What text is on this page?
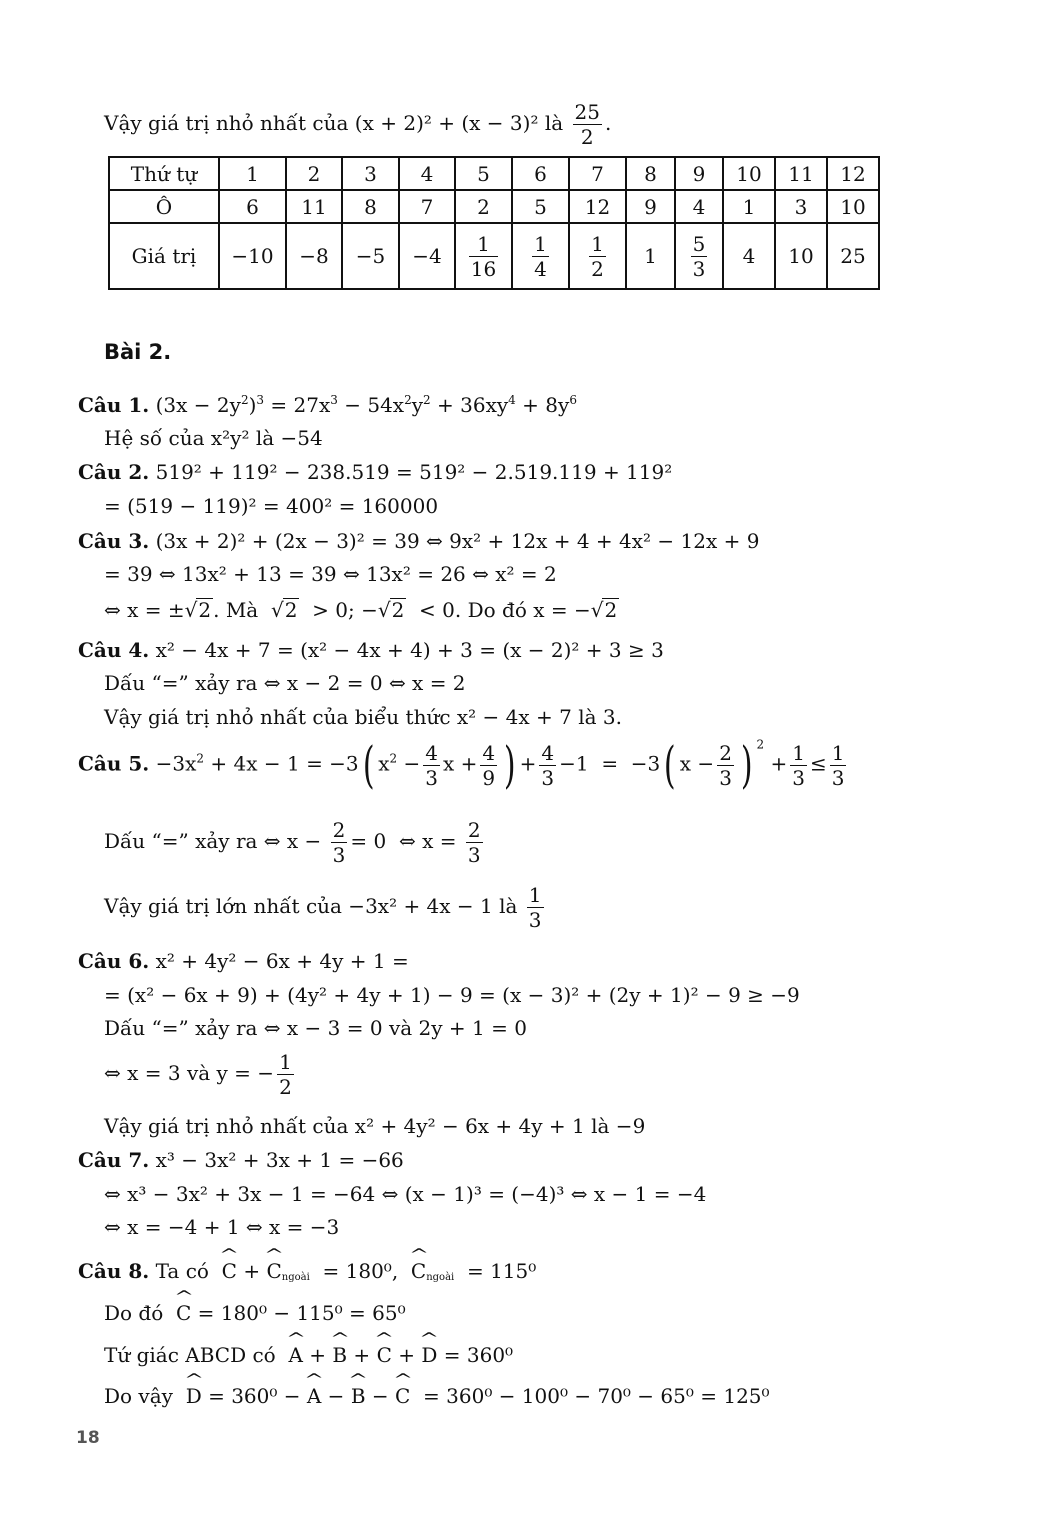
Vậy giá trị nhỏ nhất của (x + 2)² + (x − 3)² là $\frac{25}{2}$ .
Thứ tự	1	2	3	4	5	6	7	8	9	10	11	12
Ô	6	11	8	7	2	5	12	9	4	1	3	10
Giá trị	−10	−8	−5	−4	$\frac{1}{16}$	$\frac{1}{4}$	$\frac{1}{2}$	1	$\frac{5}{3}$	4	10	25
Bài 2.
Câu 1. $(3x - 2y^2)^3 = 27x^3 - 54x^2y^2 + 36xy^4 + 8y^6$
Hệ số của x²y² là −54
Câu 2. 519² + 119² − 238.519 = 519² − 2.519.119 + 119²
= (519 − 119)² = 400² = 160000
Câu 3. (3x + 2)² + (2x − 3)² = 39 ⇔ 9x² + 12x + 4 + 4x² − 12x + 9
= 39 ⇔ 13x² + 13 = 39 ⇔ 13x² = 26 ⇔ x² = 2
⇔ x = ±√2 . Mà  √2  > 0; −√2  < 0. Do đó x = −√2
Câu 4. x² − 4x + 7 = (x² − 4x + 4) + 3 = (x − 2)² + 3 ≥ 3
Dấu “=” xảy ra ⇔ x − 2 = 0 ⇔ x = 2
Vậy giá trị nhỏ nhất của biểu thức x² − 4x + 7 là 3.
Câu 5. $-3x^2 + 4x - 1 = -3$( $x^2 - \frac{4}{3}$ $x + \frac{4}{9}$ ) + $\frac{4}{3} -1 = -3$( $x - \frac{2}{3}$ ) $^2 + \frac{1}{3} \le \frac{1}{3}$
Dấu “=” xảy ra ⇔ $x - \frac{2}{3} = 0$  ⇔ $x = \frac{2}{3}$
Vậy giá trị lớn nhất của −3x² + 4x − 1 là $\frac{1}{3}$
Câu 6. x² + 4y² − 6x + 4y + 1 =
= (x² − 6x + 9) + (4y² + 4y + 1) − 9 = (x − 3)² + (2y + 1)² − 9 ≥ −9
Dấu “=” xảy ra ⇔ x − 3 = 0 và 2y + 1 = 0
⇔ x = 3 và y = − $\frac{1}{2}$
Vậy giá trị nhỏ nhất của x² + 4y² − 6x + 4y + 1 là −9
Câu 7. x³ − 3x² + 3x + 1 = −66
⇔ x³ − 3x² + 3x − 1 = −64 ⇔ (x − 1)³ = (−4)³ ⇔ x − 1 = −4
⇔ x = −4 + 1 ⇔ x = −3
Câu 8. Ta có ^ C + ^ $C_{ngoài} = 180^0$, ^ $C_{ngoài} = 115^0$
Do đó ^ C = 180⁰ − 115⁰ = 65⁰
Tứ giác ABCD có ^ A + ^ B + ^ C + ^ D = 360⁰
Do vậy ^ D = 360⁰ − ^ A − ^ B − ^ C = 360⁰ − 100⁰ − 70⁰ − 65⁰ = 125⁰
18
